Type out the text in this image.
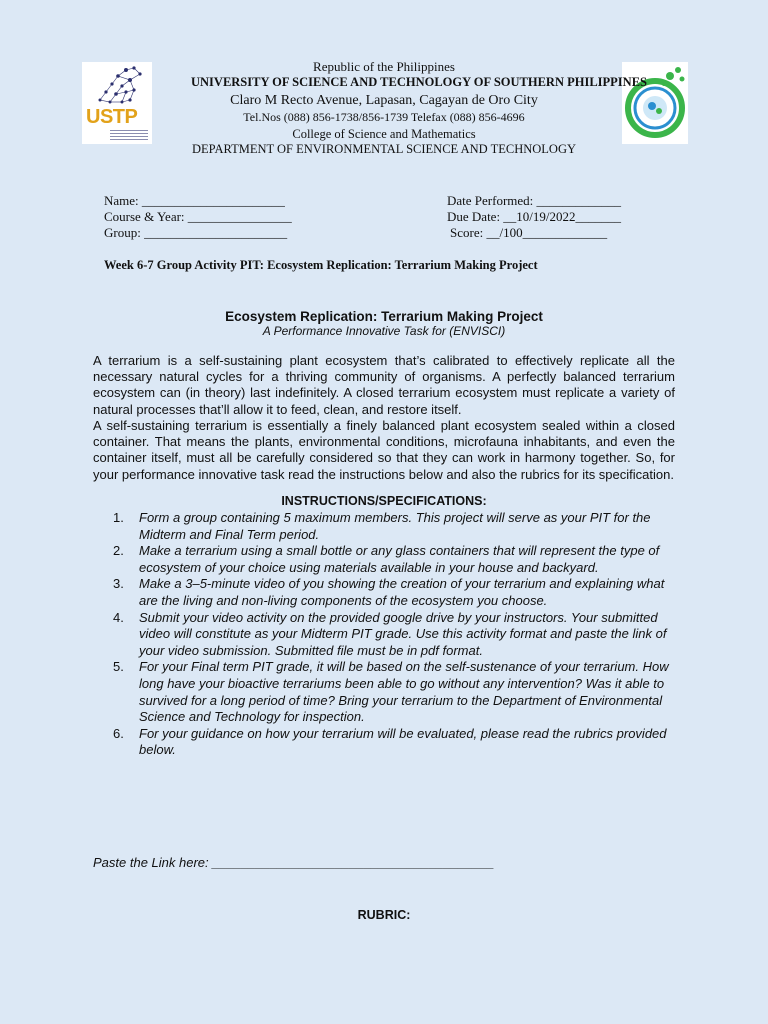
USTP
Republic of the Philippines
UNIVERSITY OF SCIENCE AND TECHNOLOGY OF SOUTHERN PHILIPPINES
Claro M Recto Avenue, Lapasan, Cagayan de Oro City
Tel.Nos (088) 856-1738/856-1739 Telefax (088) 856-4696
College of Science and Mathematics
DEPARTMENT OF ENVIRONMENTAL SCIENCE AND TECHNOLOGY
Name: ______________________
Course & Year: ________________
Group: ______________________
Date Performed: _____________
Due Date: __10/19/2022_______
Score: __/100_____________
Week 6-7 Group Activity PIT: Ecosystem Replication: Terrarium Making Project
Ecosystem Replication: Terrarium Making Project
A Performance Innovative Task for (ENVISCI)

A terrarium is a self-sustaining plant ecosystem that’s calibrated to effectively replicate all the necessary natural cycles for a thriving community of organisms. A perfectly balanced terrarium ecosystem can (in theory) last indefinitely. A closed terrarium ecosystem must replicate a variety of natural processes that’ll allow it to feed, clean, and restore itself.

A self-sustaining terrarium is essentially a finely balanced plant ecosystem sealed within a closed container. That means the plants, environmental conditions, microfauna inhabitants, and even the container itself, must all be carefully considered so that they can work in harmony together. So, for your performance innovative task read the instructions below and also the rubrics for its specification.

INSTRUCTIONS/SPECIFICATIONS:
1.	Form a group containing 5 maximum members. This project will serve as your PIT for the Midterm and Final Term period.
2.	Make a terrarium using a small bottle or any glass containers that will represent the type of ecosystem of your choice using materials available in your house and backyard.
3.	Make a 3–5-minute video of you showing the creation of your terrarium and explaining what are the living and non-living components of the ecosystem you choose.
4.	Submit your video activity on the provided google drive by your instructors. Your submitted video will constitute as your Midterm PIT grade. Use this activity format and paste the link of your video submission. Submitted file must be in pdf format.
5.	For your Final term PIT grade, it will be based on the self-sustenance of your terrarium. How long have your bioactive terrariums been able to go without any intervention? Was it able to survived for a long period of time? Bring your terrarium to the Department of Environmental Science and Technology for inspection.
6.	For your guidance on how your terrarium will be evaluated, please read the rubrics provided below.
Paste the Link here: _______________________________________
RUBRIC:
